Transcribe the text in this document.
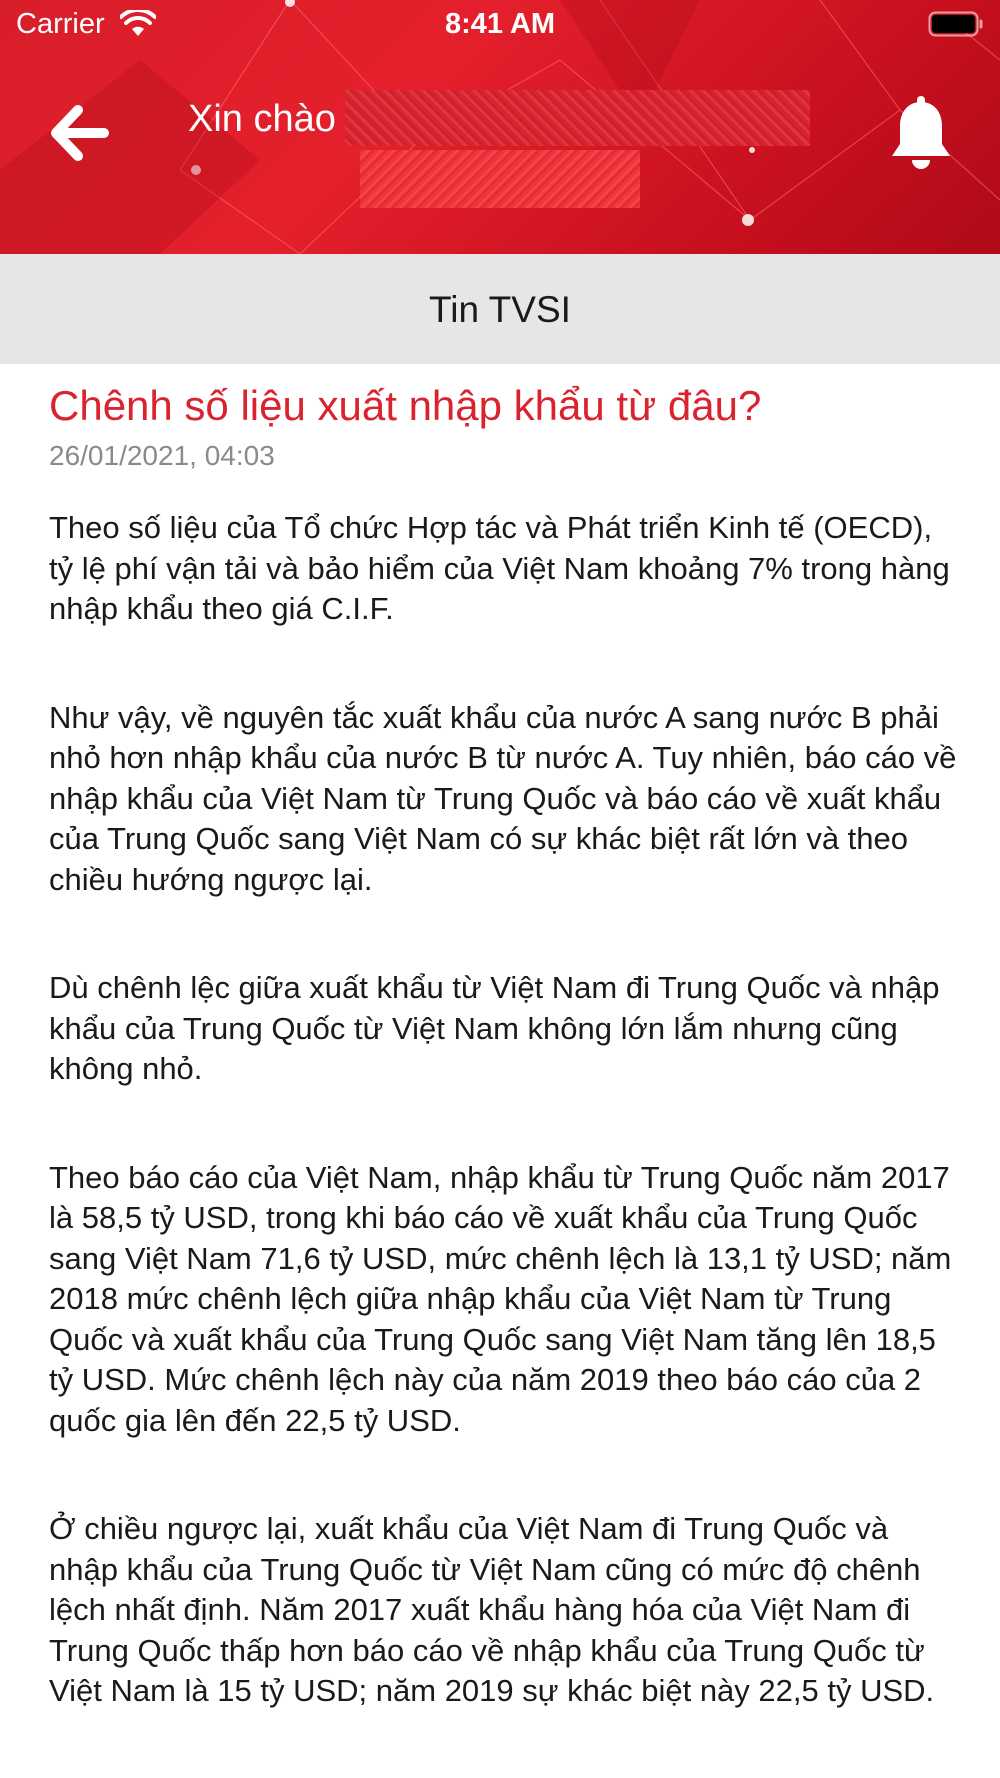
Carrier	8:41 AM
Xin chào
Tin TVSI
Chênh số liệu xuất nhập khẩu từ đâu?
26/01/2021, 04:03

Theo số liệu của Tổ chức Hợp tác và Phát triển Kinh tế (OECD), tỷ lệ phí vận tải và bảo hiểm của Việt Nam khoảng 7% trong hàng nhập khẩu theo giá C.I.F.

Như vậy, về nguyên tắc xuất khẩu của nước A sang nước B phải nhỏ hơn nhập khẩu của nước B từ nước A. Tuy nhiên, báo cáo về nhập khẩu của Việt Nam từ Trung Quốc và báo cáo về xuất khẩu của Trung Quốc sang Việt Nam có sự khác biệt rất lớn và theo chiều hướng ngược lại.

Dù chênh lệc giữa xuất khẩu từ Việt Nam đi Trung Quốc và nhập khẩu của Trung Quốc từ Việt Nam không lớn lắm nhưng cũng không nhỏ.

Theo báo cáo của Việt Nam, nhập khẩu từ Trung Quốc năm 2017 là 58,5 tỷ USD, trong khi báo cáo về xuất khẩu của Trung Quốc sang Việt Nam 71,6 tỷ USD, mức chênh lệch là 13,1 tỷ USD; năm 2018 mức chênh lệch giữa nhập khẩu của Việt Nam từ Trung Quốc và xuất khẩu của Trung Quốc sang Việt Nam tăng lên 18,5 tỷ USD. Mức chênh lệch này của năm 2019 theo báo cáo của 2 quốc gia lên đến 22,5 tỷ USD.

Ở chiều ngược lại, xuất khẩu của Việt Nam đi Trung Quốc và nhập khẩu của Trung Quốc từ Việt Nam cũng có mức độ chênh lệch nhất định. Năm 2017 xuất khẩu hàng hóa của Việt Nam đi Trung Quốc thấp hơn báo cáo về nhập khẩu của Trung Quốc từ Việt Nam là 15 tỷ USD; năm 2019 sự khác biệt này 22,5 tỷ USD.
